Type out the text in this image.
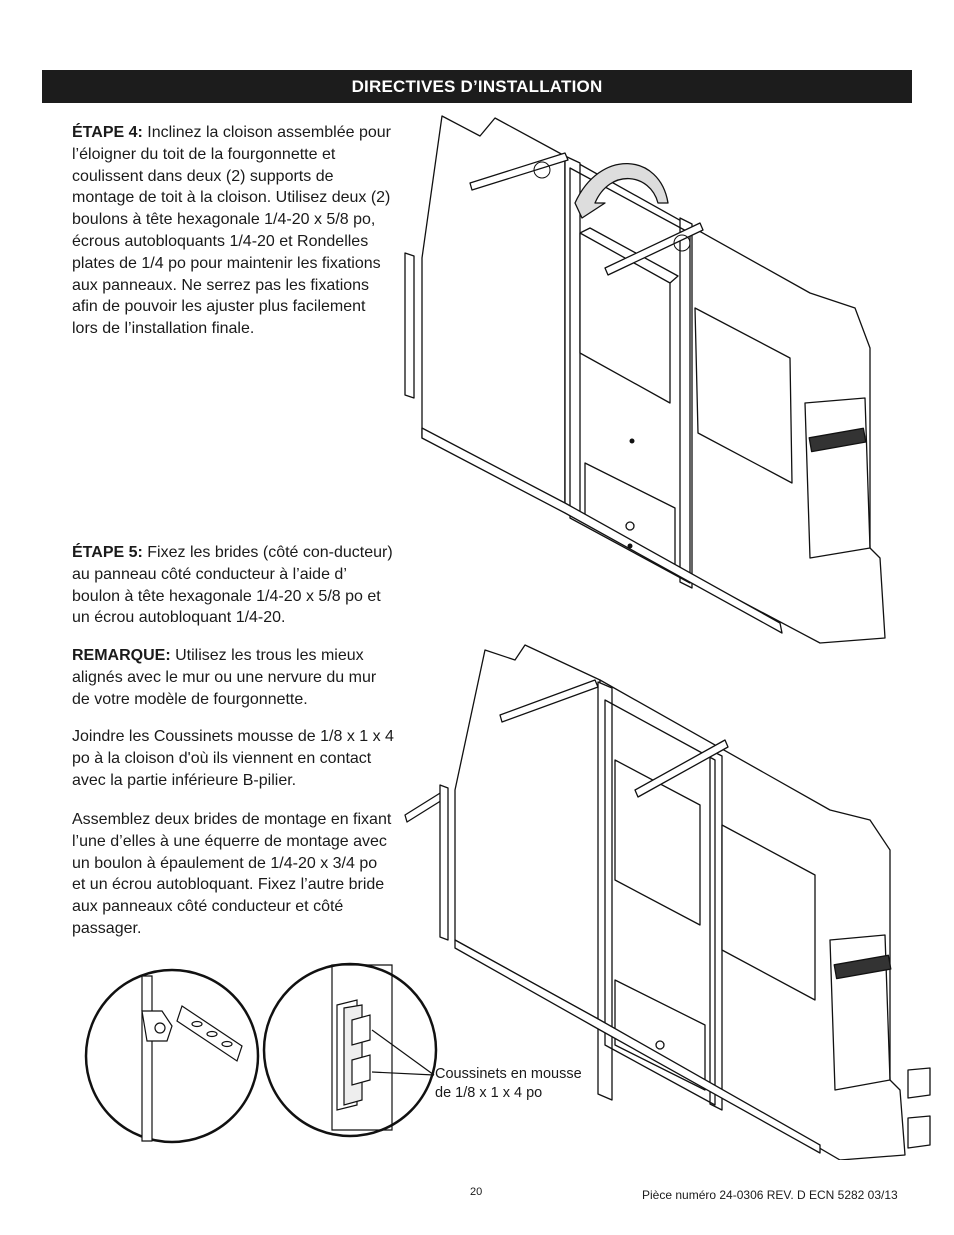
DIRECTIVES D’INSTALLATION

ÉTAPE 4: Inclinez la cloison assemblée pour l’éloigner du toit de la fourgonnette et coulissent dans deux (2) supports de montage de toit à la cloison. Utilisez deux (2) boulons à tête hexagonale 1/4-20 x 5/8 po, écrous autobloquants 1/4-20 et Rondelles plates de 1/4 po pour maintenir les fixations aux panneaux. Ne serrez pas les fixations afin de pouvoir les ajuster plus facilement lors de l’installation finale.

ÉTAPE 5: Fixez les brides (côté con-ducteur) au panneau côté conducteur à l’aide d’ boulon à tête hexagonale 1/4-20 x 5/8 po et un écrou autobloquant 1/4-20.

REMARQUE: Utilisez les trous les mieux alignés avec le mur ou une nervure du mur de votre modèle de fourgonnette.

Joindre les Coussinets mousse de 1/8 x 1 x 4 po à la cloison d'où ils viennent en contact avec la partie inférieure B-pilier.

Assemblez deux brides de montage en fixant l’une d’elles à une équerre de montage avec un boulon à épaulement de 1/4-20 x 3/4 po et un écrou autobloquant. Fixez l’autre bride aux panneaux côté conducteur et côté passager.

Coussinets en mousse
de 1/8 x 1 x 4 po

20	Pièce numéro 24-0306 REV. D ECN 5282 03/13
